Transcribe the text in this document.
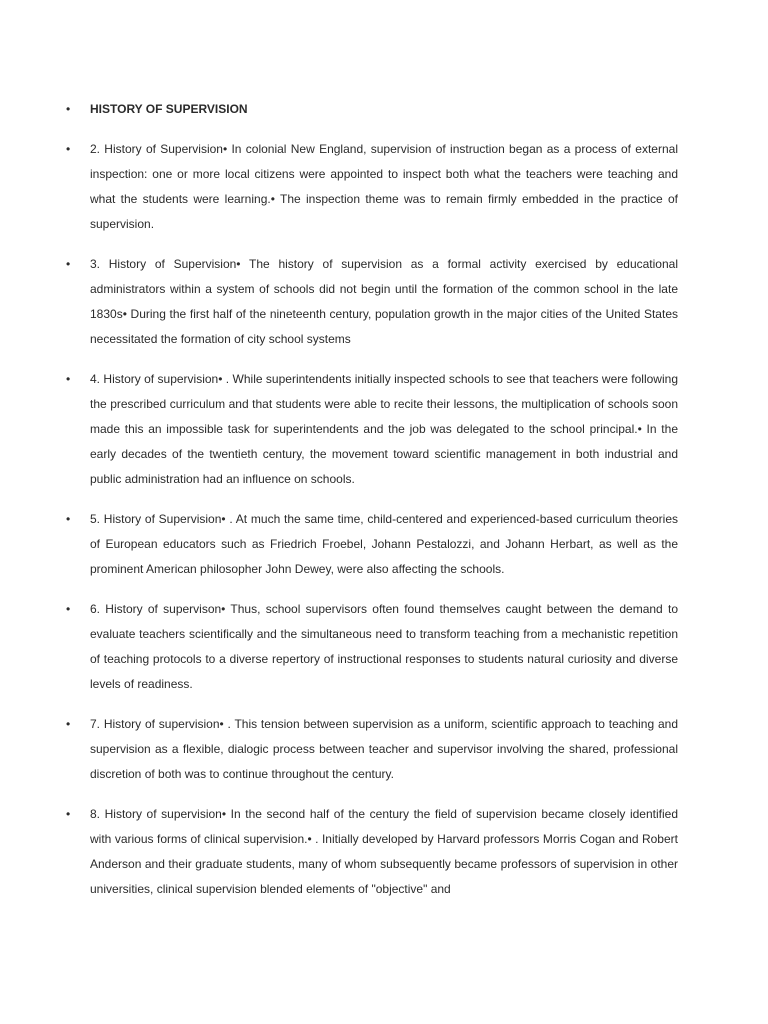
• HISTORY OF SUPERVISION
• 2. History of Supervision• In colonial New England, supervision of instruction began as a process of external inspection: one or more local citizens were appointed to inspect both what the teachers were teaching and what the students were learning.• The inspection theme was to remain firmly embedded in the practice of supervision.
• 3. History of Supervision• The history of supervision as a formal activity exercised by educational administrators within a system of schools did not begin until the formation of the common school in the late 1830s• During the first half of the nineteenth century, population growth in the major cities of the United States necessitated the formation of city school systems
• 4. History of supervision• . While superintendents initially inspected schools to see that teachers were following the prescribed curriculum and that students were able to recite their lessons, the multiplication of schools soon made this an impossible task for superintendents and the job was delegated to the school principal.• In the early decades of the twentieth century, the movement toward scientific management in both industrial and public administration had an influence on schools.
• 5. History of Supervision• . At much the same time, child-centered and experienced-based curriculum theories of European educators such as Friedrich Froebel, Johann Pestalozzi, and Johann Herbart, as well as the prominent American philosopher John Dewey, were also affecting the schools.
• 6. History of supervison• Thus, school supervisors often found themselves caught between the demand to evaluate teachers scientifically and the simultaneous need to transform teaching from a mechanistic repetition of teaching protocols to a diverse repertory of instructional responses to students natural curiosity and diverse levels of readiness.
• 7. History of supervision• . This tension between supervision as a uniform, scientific approach to teaching and supervision as a flexible, dialogic process between teacher and supervisor involving the shared, professional discretion of both was to continue throughout the century.
• 8. History of supervision• In the second half of the century the field of supervision became closely identified with various forms of clinical supervision.• . Initially developed by Harvard professors Morris Cogan and Robert Anderson and their graduate students, many of whom subsequently became professors of supervision in other universities, clinical supervision blended elements of "objective" and
